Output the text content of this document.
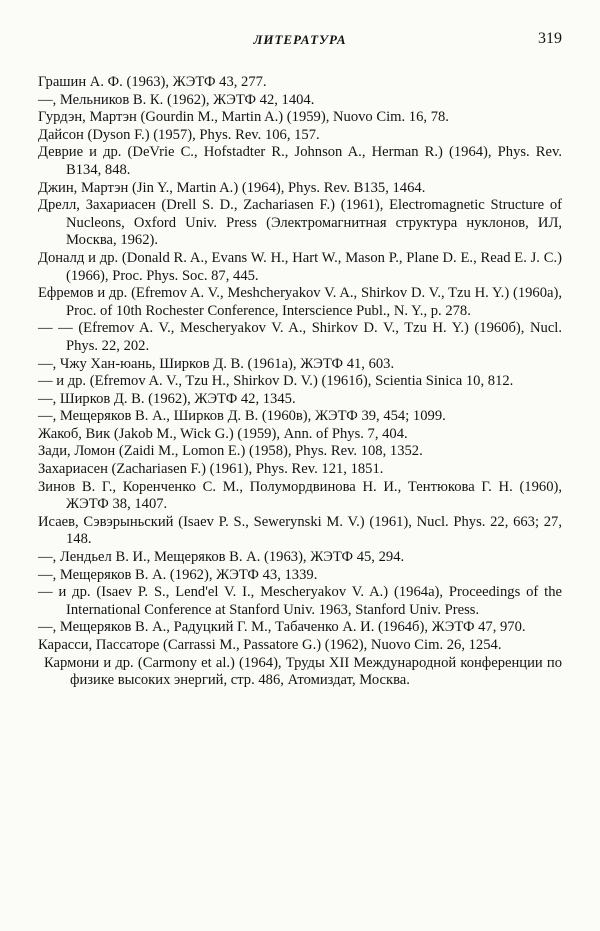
ЛИТЕРАТУРА	319

Грашин А. Ф. (1963), ЖЭТФ 43, 277.

—, Мельников В. К. (1962), ЖЭТФ 42, 1404.

Гурдэн, Мартэн (Gourdin M., Martin A.) (1959), Nuovo Cim. 16, 78.

Дайсон (Dyson F.) (1957), Phys. Rev. 106, 157.

Деврие и др. (DeVrie C., Hofstadter R., Johnson A., Herman R.) (1964), Phys. Rev. B134, 848.

Джин, Мартэн (Jin Y., Martin A.) (1964), Phys. Rev. B135, 1464.

Дрелл, Захариасен (Drell S. D., Zachariasen F.) (1961), Electromagnetic Structure of Nucleons, Oxford Univ. Press (Электромагнитная структура нуклонов, ИЛ, Москва, 1962).

Доналд и др. (Donald R. A., Evans W. H., Hart W., Mason P., Plane D. E., Read E. J. C.) (1966), Proc. Phys. Soc. 87, 445.

Ефремов и др. (Efremov A. V., Meshcheryakov V. A., Shirkov D. V., Tzu H. Y.) (1960a), Proc. of 10th Rochester Conference, Interscience Publ., N. Y., p. 278.

— — (Efremov A. V., Mescheryakov V. A., Shirkov D. V., Tzu H. Y.) (1960б), Nucl. Phys. 22, 202.

—, Чжу Хан-юань, Ширков Д. В. (1961а), ЖЭТФ 41, 603.

— и др. (Efremov A. V., Tzu H., Shirkov D. V.) (1961б), Scientia Sinica 10, 812.

—, Ширков Д. В. (1962), ЖЭТФ 42, 1345.

—, Мещеряков В. А., Ширков Д. В. (1960в), ЖЭТФ 39, 454; 1099.

Жакоб, Вик (Jakob M., Wick G.) (1959), Ann. of Phys. 7, 404.

Зади, Ломон (Zaidi M., Lomon E.) (1958), Phys. Rev. 108, 1352.

Захариасен (Zachariasen F.) (1961), Phys. Rev. 121, 1851.

Зинов В. Г., Коренченко С. М., Полумордвинова Н. И., Тентюкова Г. Н. (1960), ЖЭТФ 38, 1407.

Исаев, Сэвэрыньский (Isaev P. S., Sewerynski M. V.) (1961), Nucl. Phys. 22, 663; 27, 148.

—, Лендьел В. И., Мещеряков В. А. (1963), ЖЭТФ 45, 294.

—, Мещеряков В. А. (1962), ЖЭТФ 43, 1339.

— и др. (Isaev P. S., Lend'el V. I., Mescheryakov V. A.) (1964a), Proceedings of the International Conference at Stanford Univ. 1963, Stanford Univ. Press.

—, Мещеряков В. А., Радуцкий Г. М., Табаченко А. И. (1964б), ЖЭТФ 47, 970.

Карасси, Пассаторе (Carrassi M., Passatore G.) (1962), Nuovo Cim. 26, 1254.

Кармони и др. (Carmony et al.) (1964), Труды XII Международной конференции по физике высоких энергий, стр. 486, Атомиздат, Москва.
